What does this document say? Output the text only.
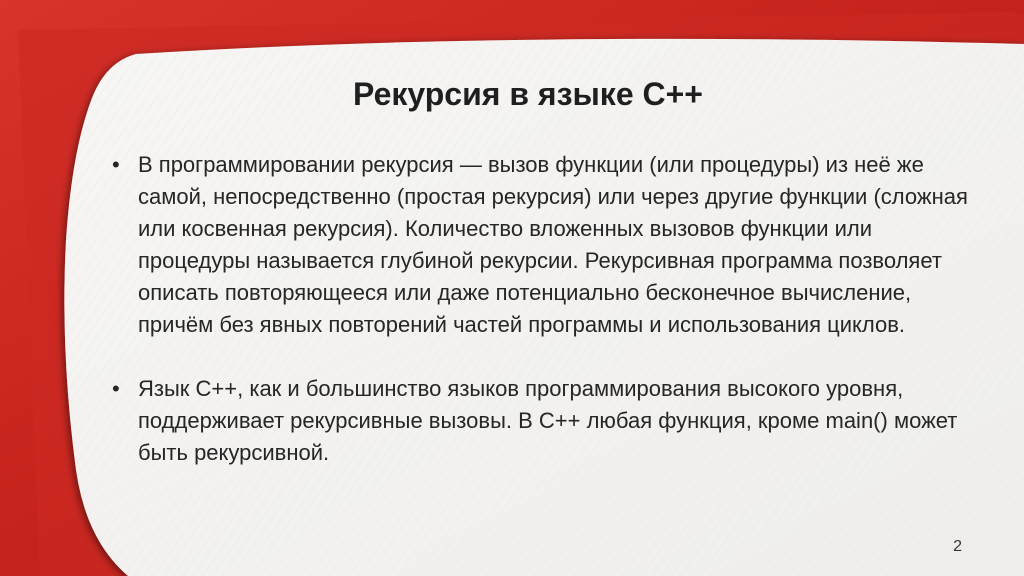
Рекурсия в языке С++
• В программировании рекурсия — вызов функции (или процедуры) из неё же самой, непосредственно (простая рекурсия) или через другие функции (сложная или косвенная рекурсия). Количество вложенных вызовов функции или процедуры называется глубиной рекурсии. Рекурсивная программа позволяет описать повторяющееся или даже потенциально бесконечное вычисление, причём без явных повторений частей программы и использования циклов.
• Язык С++, как и большинство языков программирования высокого уровня, поддерживает рекурсивные вызовы. В С++ любая функция, кроме main() может быть рекурсивной.
2
